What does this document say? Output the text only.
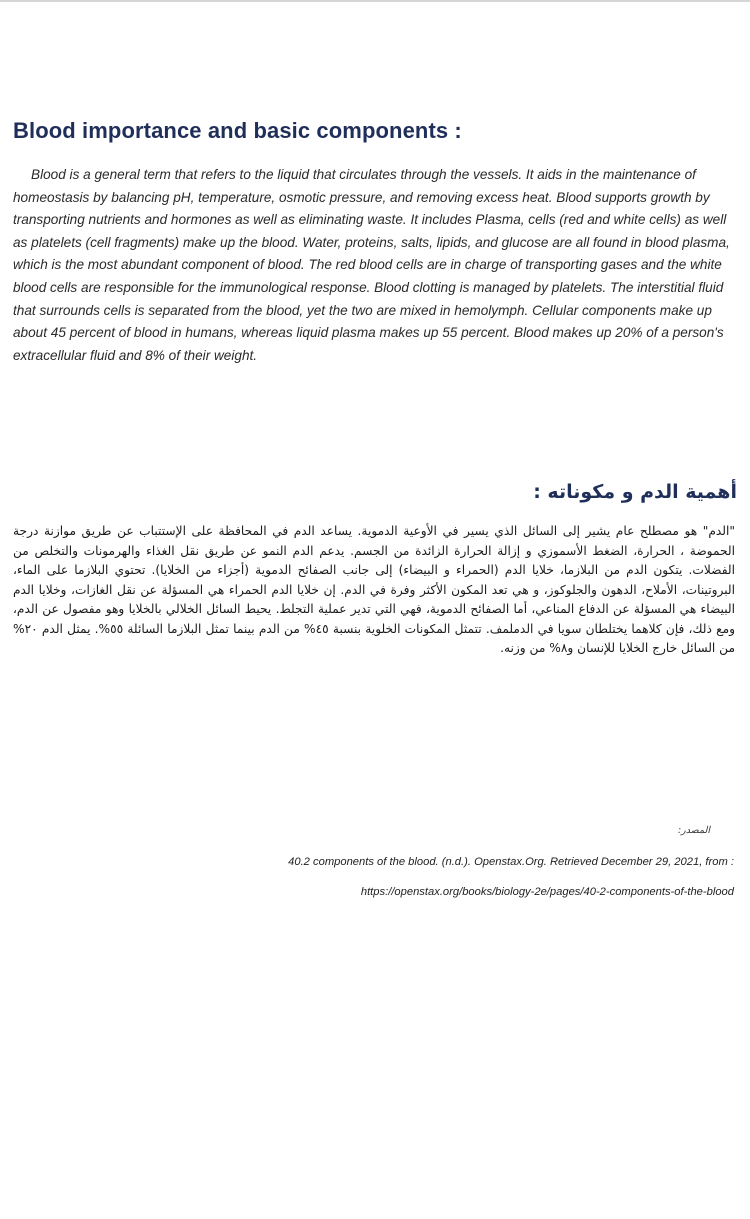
Blood importance and basic components :

Blood is a general term that refers to the liquid that circulates through the vessels. It aids in the maintenance of homeostasis by balancing pH, temperature, osmotic pressure, and removing excess heat. Blood supports growth by transporting nutrients and hormones as well as eliminating waste. It includes Plasma, cells (red and white cells) as well as platelets (cell fragments) make up the blood. Water, proteins, salts, lipids, and glucose are all found in blood plasma, which is the most abundant component of blood. The red blood cells are in charge of transporting gases and the white blood cells are responsible for the immunological response. Blood clotting is managed by platelets. The interstitial fluid that surrounds cells is separated from the blood, yet the two are mixed in hemolymph. Cellular components make up about 45 percent of blood in humans, whereas liquid plasma makes up 55 percent. Blood makes up 20% of a person's extracellular fluid and 8% of their weight.

أهمية الدم و مكوناته :

"الدم" هو مصطلح عام يشير إلى السائل الذي يسير في الأوعية الدموية. يساعد الدم في المحافظة على الإستتباب عن طريق موازنة درجة الحموضة ، الحرارة، الضغط الأسموزي و إزالة الحرارة الزائدة من الجسم. يدعم الدم النمو عن طريق نقل الغذاء والهرمونات والتخلص من الفضلات. يتكون الدم من البلازما، خلايا الدم (الحمراء و البيضاء) إلى جانب الصفائح الدموية (أجزاء من الخلايا). تحتوي البلازما على الماء، البروتينات، الأملاح، الدهون والجلوكوز، و هي تعد المكون الأكثر وفرة في الدم. إن خلايا الدم الحمراء هي المسؤلة عن نقل الغازات، وخلايا الدم البيضاء هي المسؤلة عن الدفاع المناعي، أما الصفائح الدموية، فهي التي تدير عملية التجلط. يحيط السائل الخلالي بالخلايا وهو مفصول عن الدم، ومع ذلك، فإن كلاهما يختلطان سويا في الدملمف. تتمثل المكونات الخلوية بنسبة ٤٥% من الدم بينما تمثل البلازما السائلة ٥٥%. يمثل الدم ٢٠% من السائل خارج الخلايا للإنسان و٨% من وزنه.

المصدر:

40.2 components of the blood. (n.d.). Openstax.Org. Retrieved December 29, 2021, from :

https://openstax.org/books/biology-2e/pages/40-2-components-of-the-blood
